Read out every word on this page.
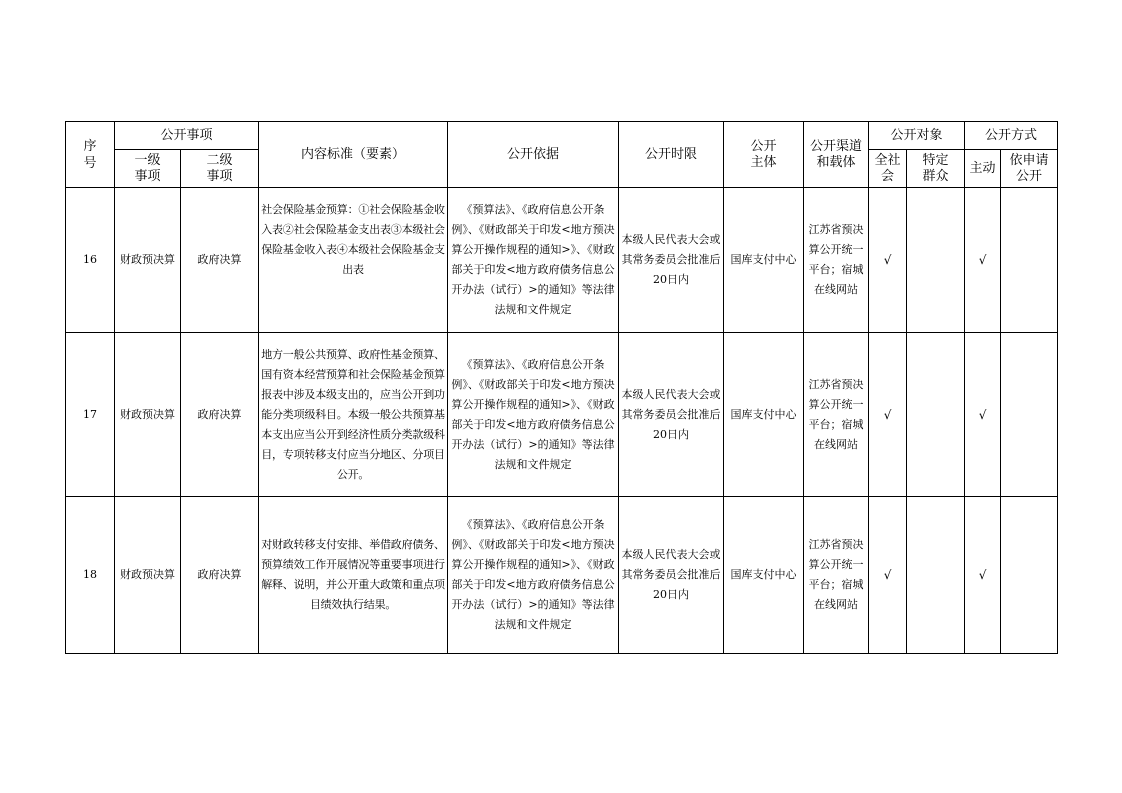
序号	公开事项		内容标准（要素）	公开依据	公开时限	公开主体	公开渠道和载体	公开对象		公开方式	
	一级事项	二级事项						全社会	特定群众	主动	依申请公开
16	财政预决算	政府决算	社会保险基金预算：①社会保险基金收入表②社会保险基金支出表③本级社会保险基金收入表④本级社会保险基金支出表	《预算法》、《政府信息公开条例》、《财政部关于印发<地方预决算公开操作规程的通知>》、《财政部关于印发<地方政府债务信息公开办法（试行）>的通知》等法律法规和文件规定	本级人民代表大会或其常务委员会批准后20日内	国库支付中心	江苏省预决算公开统一平台；宿城在线网站	√		√	
17	财政预决算	政府决算	地方一般公共预算、政府性基金预算、国有资本经营预算和社会保险基金预算报表中涉及本级支出的，应当公开到功能分类项级科目。本级一般公共预算基本支出应当公开到经济性质分类款级科目，专项转移支付应当分地区、分项目公开。	《预算法》、《政府信息公开条例》、《财政部关于印发<地方预决算公开操作规程的通知>》、《财政部关于印发<地方政府债务信息公开办法（试行）>的通知》等法律法规和文件规定	本级人民代表大会或其常务委员会批准后20日内	国库支付中心	江苏省预决算公开统一平台；宿城在线网站	√		√	
18	财政预决算	政府决算	对财政转移支付安排、举借政府债务、预算绩效工作开展情况等重要事项进行解释、说明，并公开重大政策和重点项目绩效执行结果。	《预算法》、《政府信息公开条例》、《财政部关于印发<地方预决算公开操作规程的通知>》、《财政部关于印发<地方政府债务信息公开办法（试行）>的通知》等法律法规和文件规定	本级人民代表大会或其常务委员会批准后20日内	国库支付中心	江苏省预决算公开统一平台；宿城在线网站	√		√	
